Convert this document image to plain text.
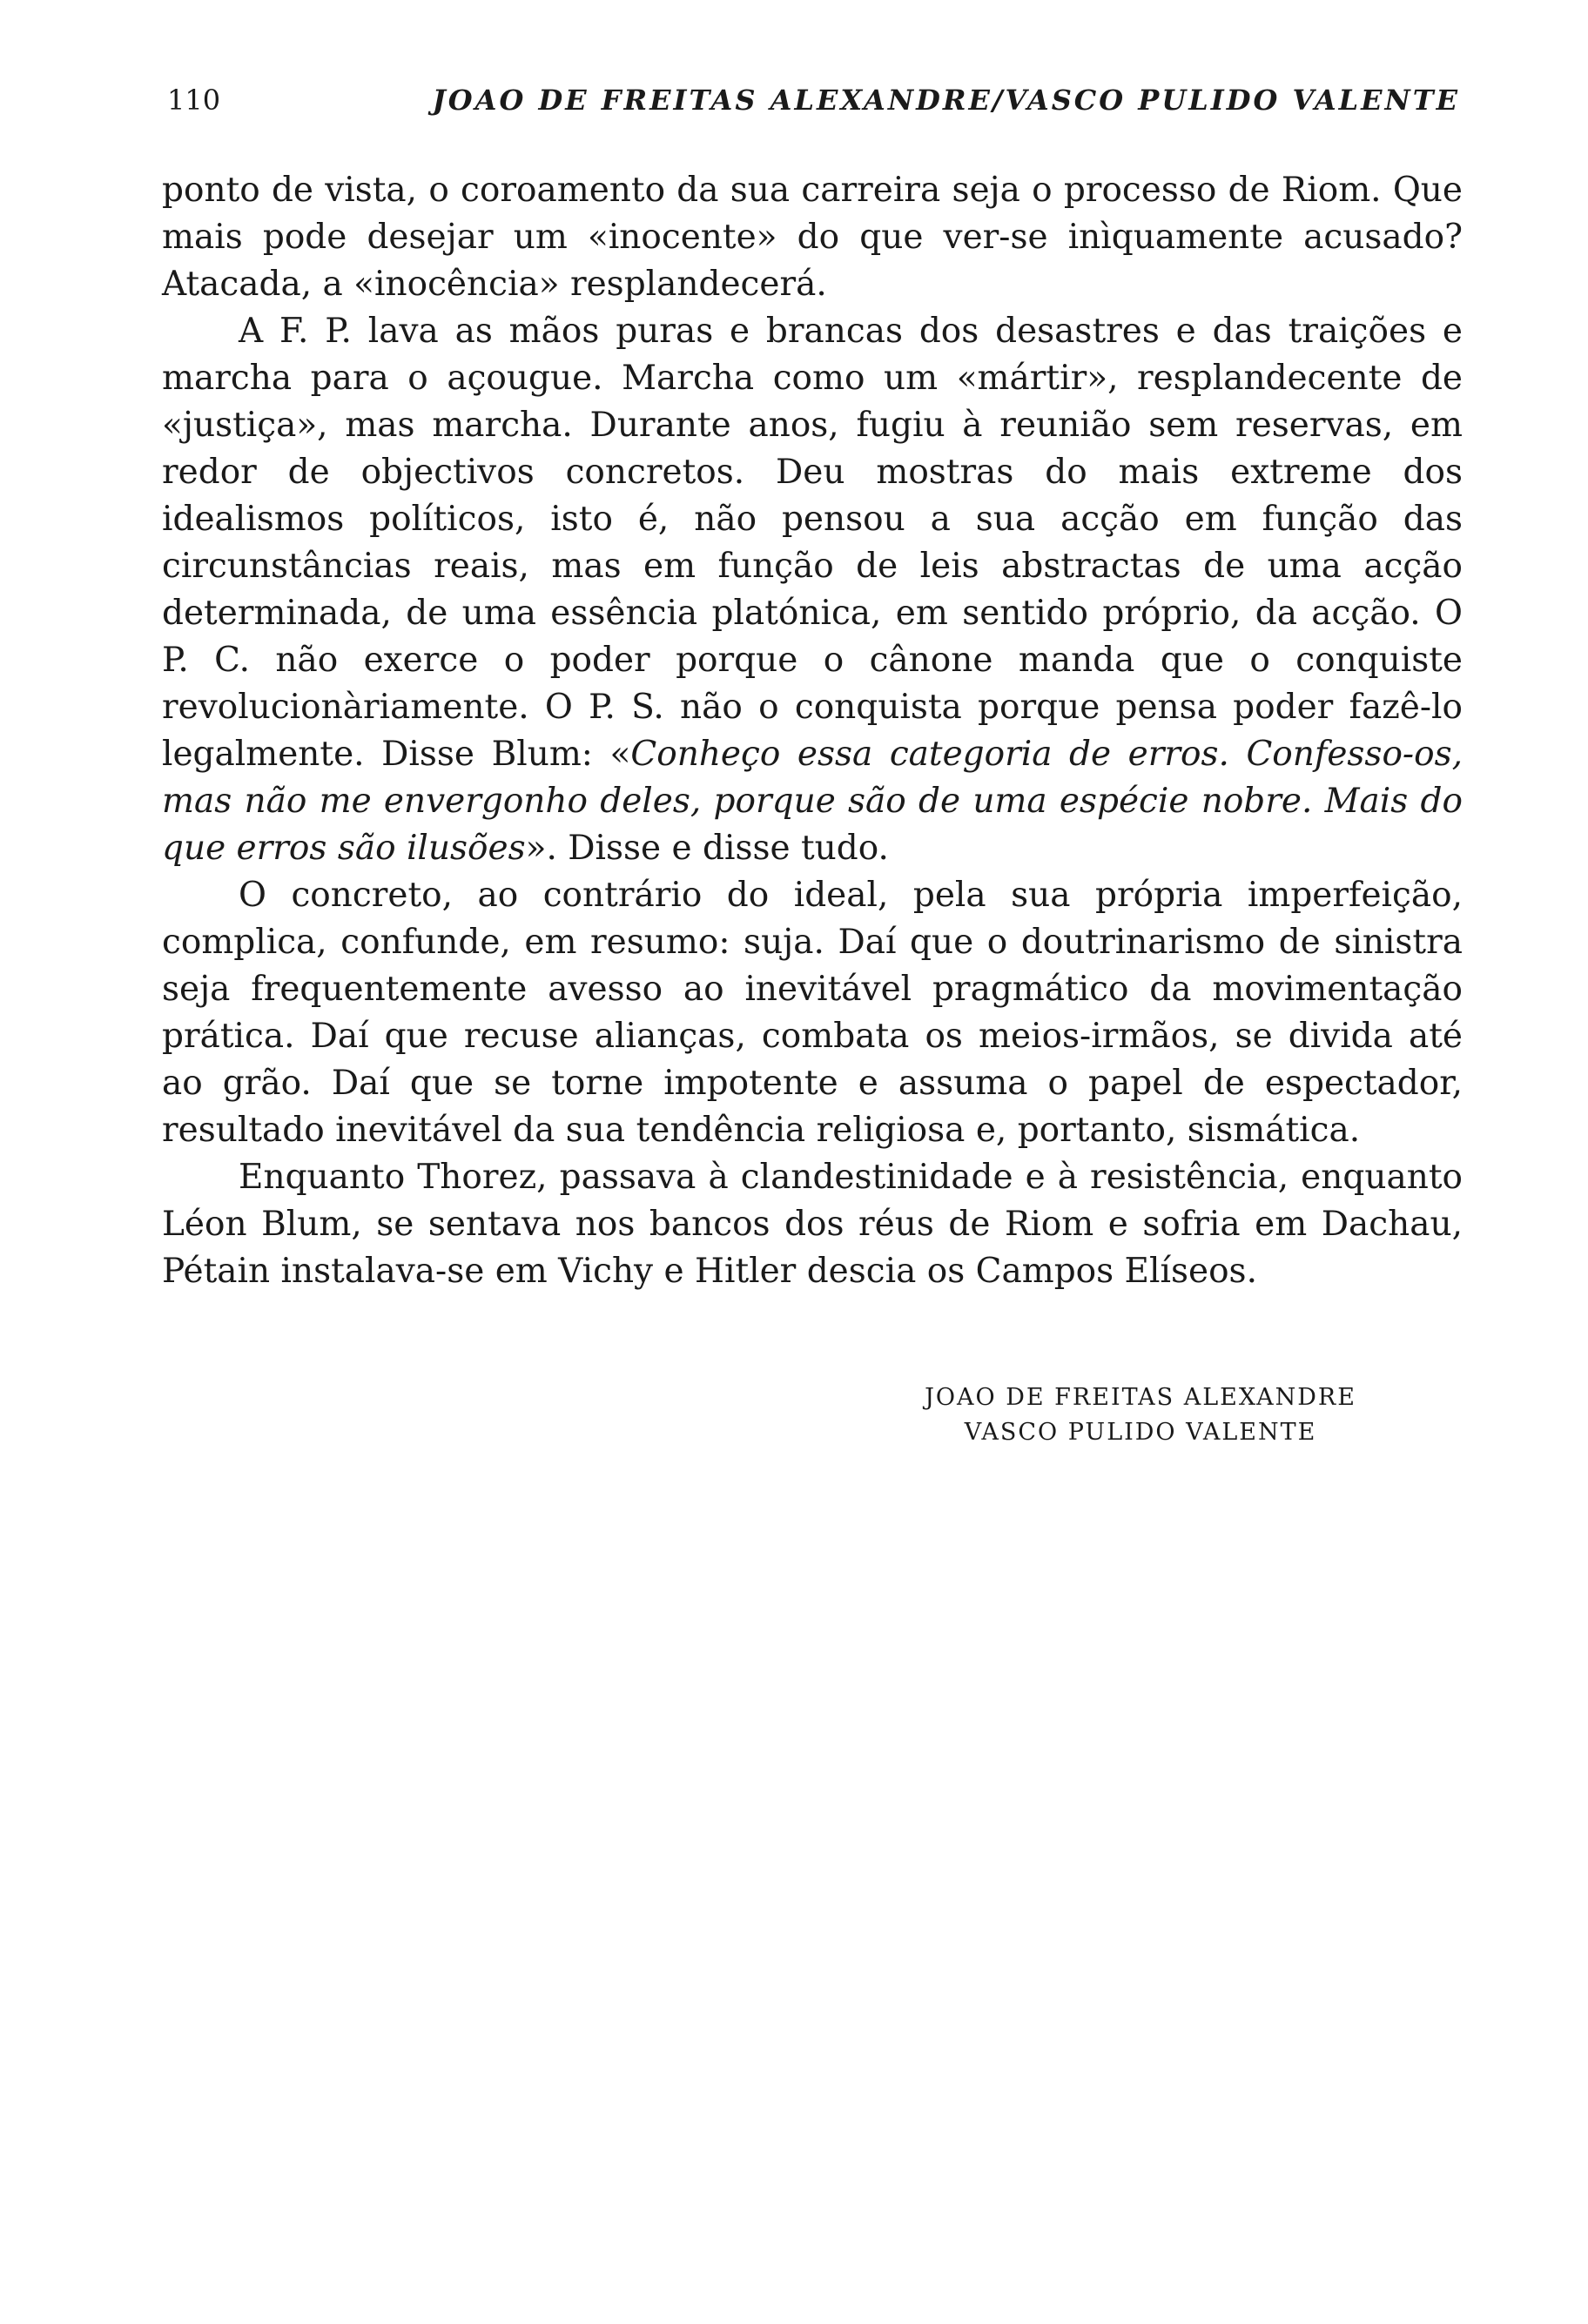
110	JOAO DE FREITAS ALEXANDRE/VASCO PULIDO VALENTE

ponto de vista, o coroamento da sua carreira seja o processo de Riom. Que mais pode desejar um «inocente» do que ver-se inìquamente acusado? Atacada, a «inocência» resplandecerá.

A F. P. lava as mãos puras e brancas dos desastres e das traições e marcha para o açougue. Marcha como um «mártir», resplandecente de «justiça», mas marcha. Durante anos, fugiu à reunião sem reservas, em redor de objectivos concretos. Deu mostras do mais extreme dos idealismos políticos, isto é, não pensou a sua acção em função das circunstâncias reais, mas em função de leis abstractas de uma acção determinada, de uma essência platónica, em sentido próprio, da acção. O P. C. não exerce o poder porque o cânone manda que o conquiste revolucionàriamente. O P. S. não o conquista porque pensa poder fazê-lo legalmente. Disse Blum: «Conheço essa categoria de erros. Confesso-os, mas não me envergonho deles, porque são de uma espécie nobre. Mais do que erros são ilusões». Disse e disse tudo.

O concreto, ao contrário do ideal, pela sua própria imperfeição, complica, confunde, em resumo: suja. Daí que o doutrinarismo de sinistra seja frequentemente avesso ao inevitável pragmático da movimentação prática. Daí que recuse alianças, combata os meios-irmãos, se divida até ao grão. Daí que se torne impotente e assuma o papel de espectador, resultado inevitável da sua tendência religiosa e, portanto, sismática.

Enquanto Thorez, passava à clandestinidade e à resistência, enquanto Léon Blum, se sentava nos bancos dos réus de Riom e sofria em Dachau, Pétain instalava-se em Vichy e Hitler descia os Campos Elíseos.

JOAO DE FREITAS ALEXANDRE
VASCO PULIDO VALENTE
